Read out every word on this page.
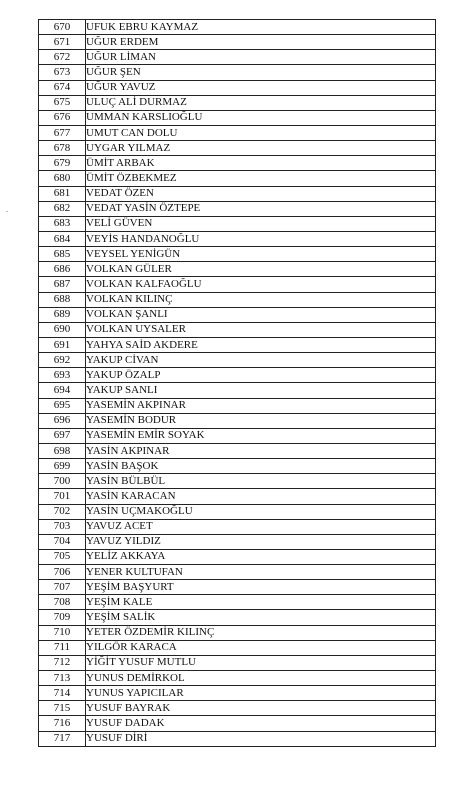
670	UFUK EBRU KAYMAZ
671	UĞUR ERDEM
672	UĞUR LİMAN
673	UĞUR ŞEN
674	UĞUR YAVUZ
675	ULUÇ ALİ DURMAZ
676	UMMAN KARSLIOĞLU
677	UMUT CAN DOLU
678	UYGAR YILMAZ
679	ÜMİT ARBAK
680	ÜMİT ÖZBEKMEZ
681	VEDAT ÖZEN
682	VEDAT YASİN ÖZTEPE
683	VELİ GÜVEN
684	VEYİS HANDANOĞLU
685	VEYSEL YENİGÜN
686	VOLKAN GÜLER
687	VOLKAN KALFAOĞLU
688	VOLKAN KILINÇ
689	VOLKAN ŞANLI
690	VOLKAN UYSALER
691	YAHYA SAİD AKDERE
692	YAKUP CİVAN
693	YAKUP ÖZALP
694	YAKUP SANLI
695	YASEMİN AKPINAR
696	YASEMİN BODUR
697	YASEMİN EMİR SOYAK
698	YASİN AKPINAR
699	YASİN BAŞOK
700	YASİN BÜLBÜL
701	YASİN KARACAN
702	YASİN UÇMAKOĞLU
703	YAVUZ ACET
704	YAVUZ YILDIZ
705	YELİZ AKKAYA
706	YENER KULTUFAN
707	YEŞİM BAŞYURT
708	YEŞİM KALE
709	YEŞİM SALİK
710	YETER ÖZDEMİR KILINÇ
711	YILGÖR KARACA
712	YİĞİT YUSUF MUTLU
713	YUNUS DEMİRKOL
714	YUNUS YAPICILAR
715	YUSUF BAYRAK
716	YUSUF DADAK
717	YUSUF DİRİ
